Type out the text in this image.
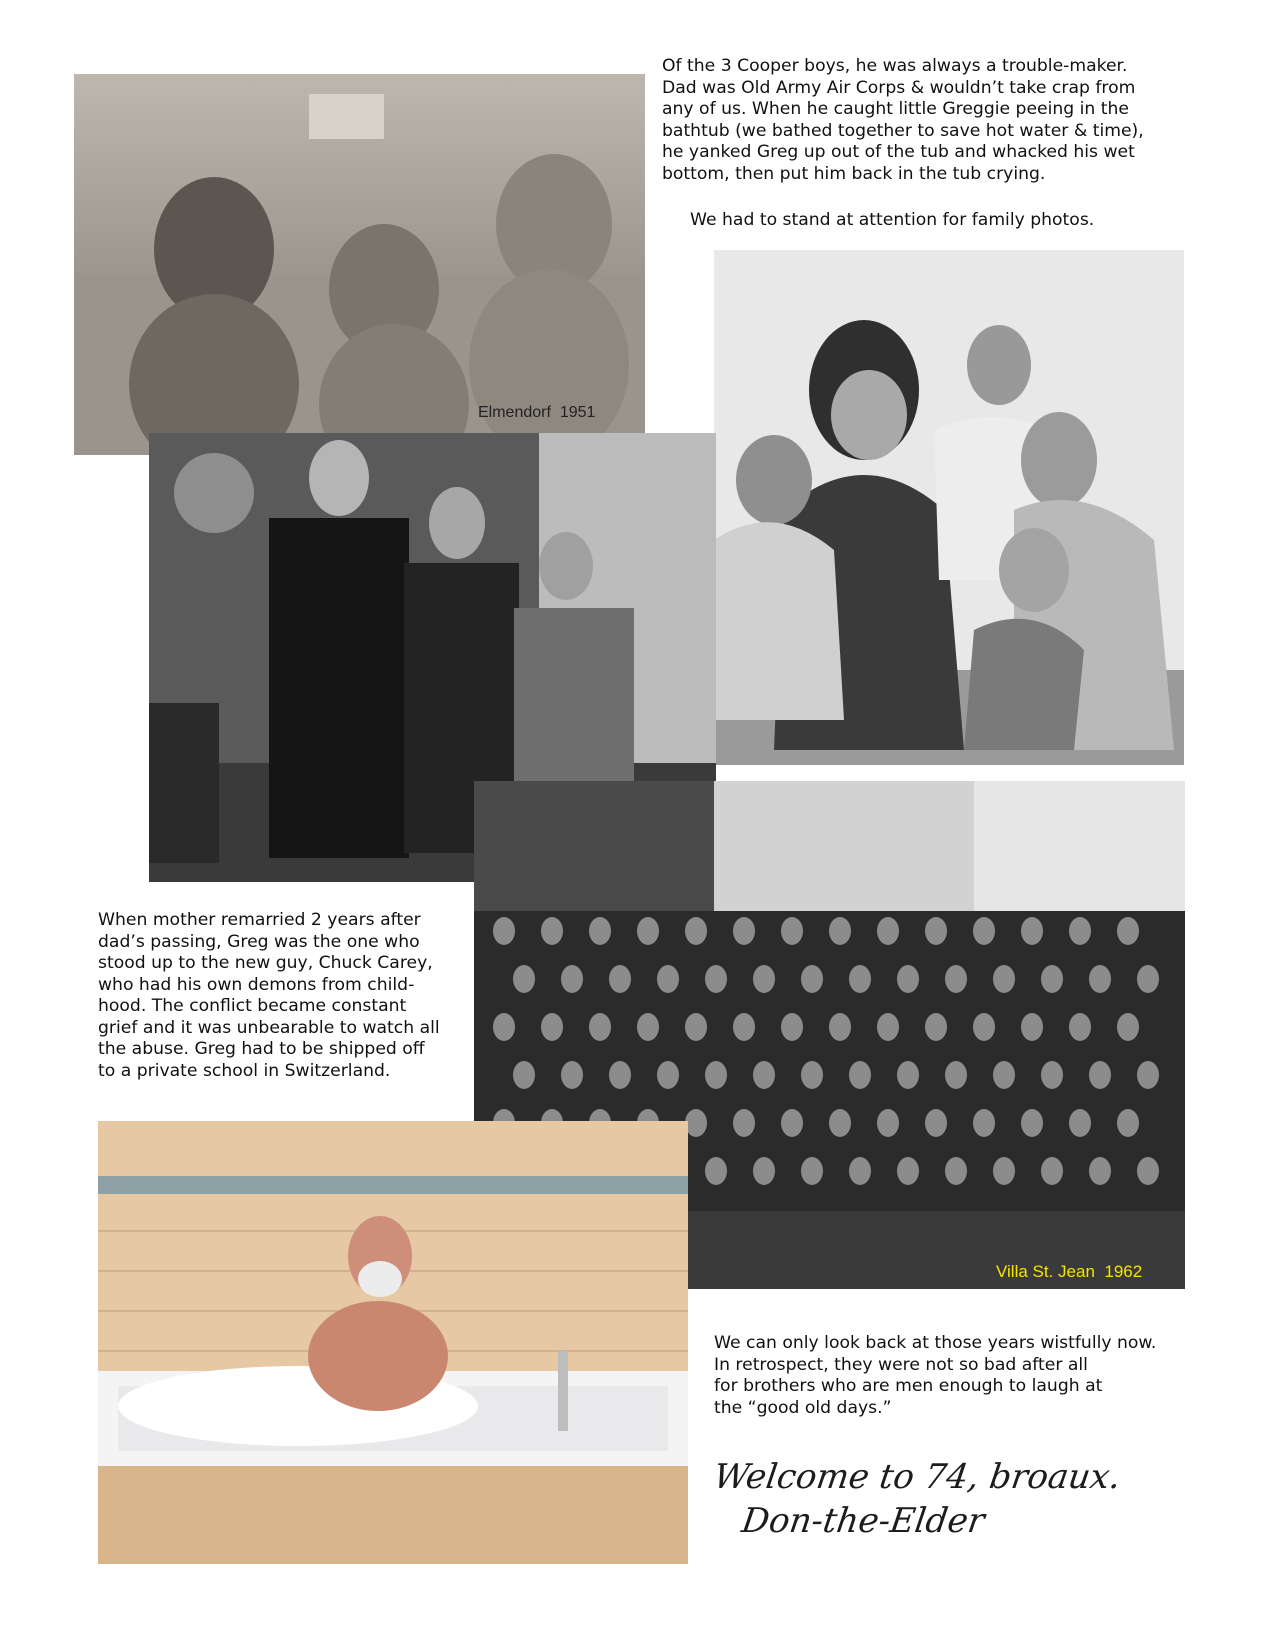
Of the 3 Cooper boys, he was always a trouble-maker.

Dad was Old Army Air Corps & wouldn’t take crap from

any of us. When he caught little Greggie peeing in the

bathtub (we bathed together to save hot water & time),

he yanked Greg up out of the tub and whacked his wet

bottom, then put him back in the tub crying.

We had to stand at attention for family photos.
Elmendorf  1951
Villa St. Jean  1962

When mother remarried 2 years after

dad’s passing, Greg was the one who

stood up to the new guy, Chuck Carey,

who had his own demons from child-

hood. The conflict became constant

grief and it was unbearable to watch all

the abuse. Greg had to be shipped off

to a private school in Switzerland.

We can only look back at those years wistfully now.

In retrospect, they were not so bad after all

for brothers who are men enough to laugh at

the “good old days.”

Welcome to 74, broaux.
Don-the-Elder
